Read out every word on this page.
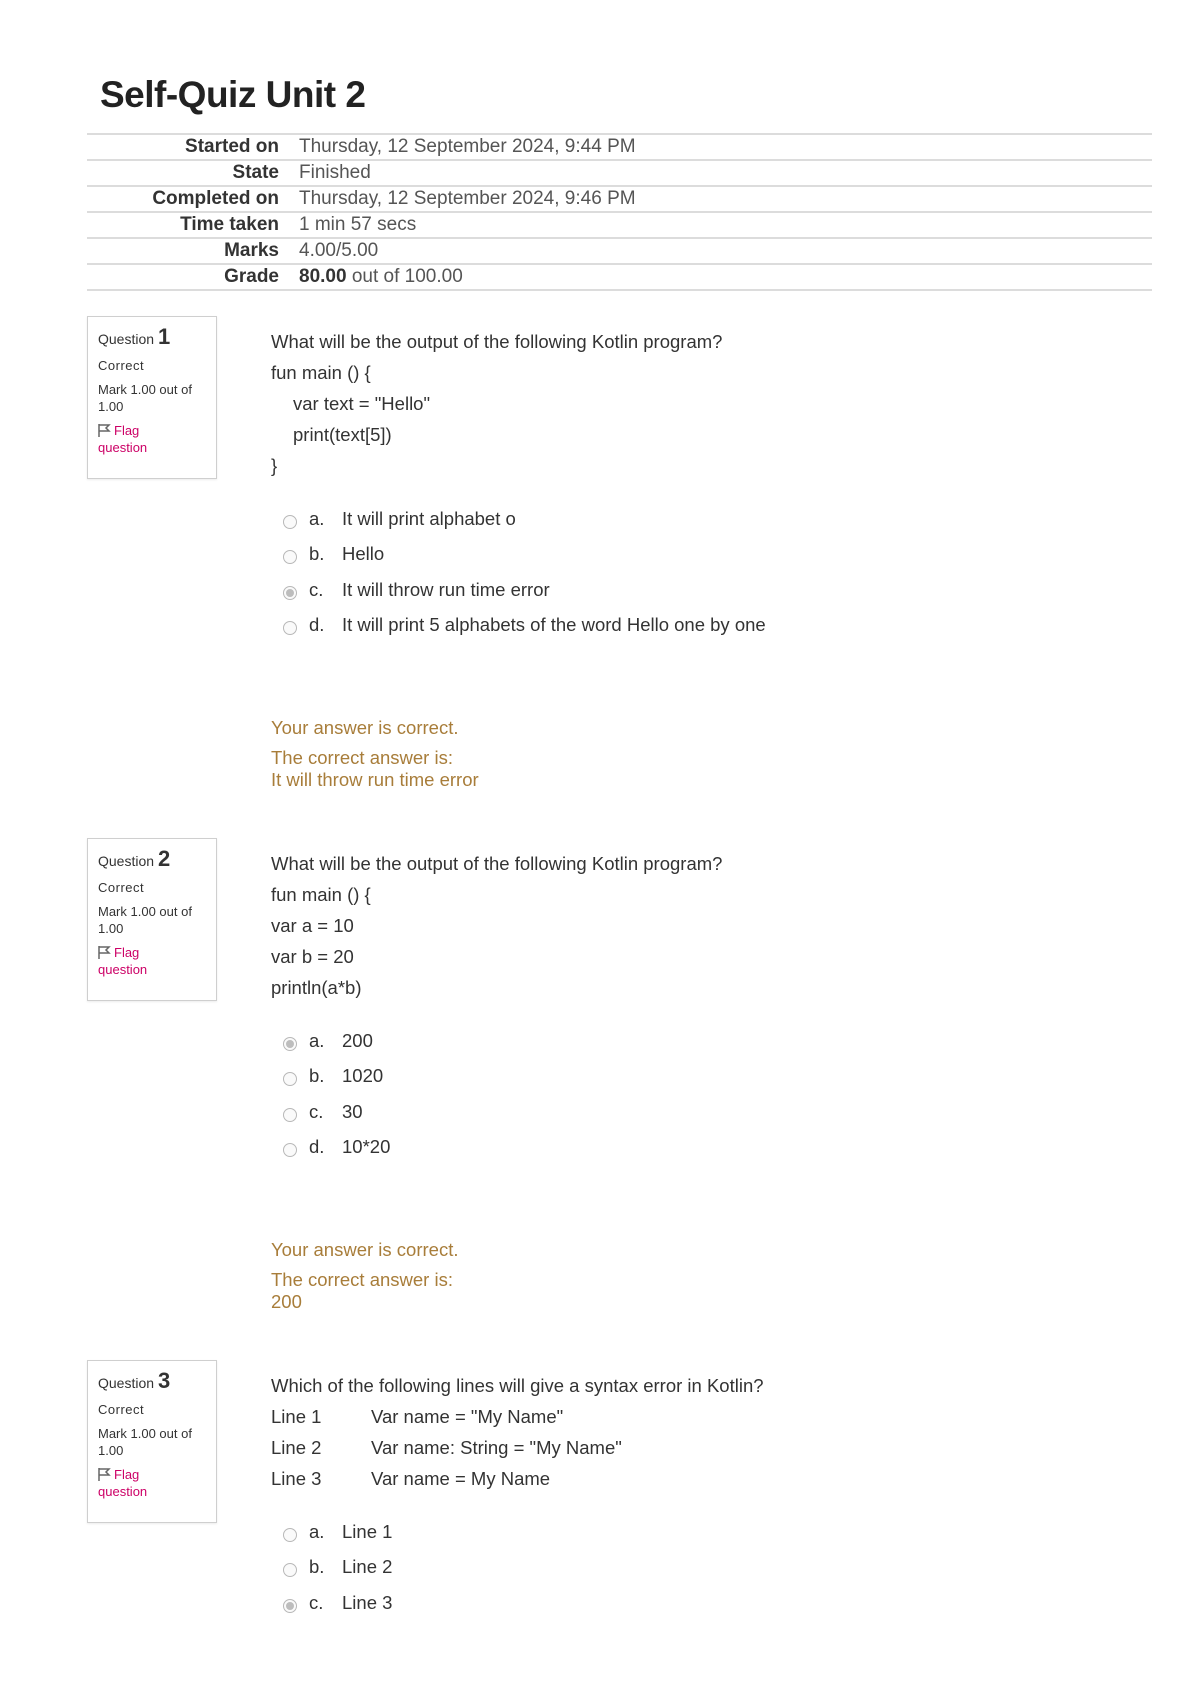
Self-Quiz Unit 2
Started on	Thursday, 12 September 2024, 9:44 PM
State	Finished
Completed on	Thursday, 12 September 2024, 9:46 PM
Time taken	1 min 57 secs
Marks	4.00/5.00
Grade	80.00 out of 100.00
Question 1
Correct
Mark 1.00 out of 1.00
Flag
question

What will be the output of the following Kotlin program?

fun main () {

var text = "Hello"

print(text[5])

}

a. It will print alphabet o
b. Hello
c.	It will throw run time error
d. It will print 5 alphabets of the word Hello one by one
Your answer is correct.
The correct answer is:
It will throw run time error
Question 2
Correct
Mark 1.00 out of 1.00
Flag
question

What will be the output of the following Kotlin program?

fun main () {

var a = 10

var b = 20

println(a*b)

a. 200
b. 1020
c.	30
d. 10*20
Your answer is correct.
The correct answer is:
200
Question 3
Correct
Mark 1.00 out of 1.00
Flag
question

Which of the following lines will give a syntax error in Kotlin?

Line 1	Var name = "My Name"

Line 2	Var name: String = "My Name"

Line 3	Var name = My Name

a. Line 1
b. Line 2
c.	Line 3
